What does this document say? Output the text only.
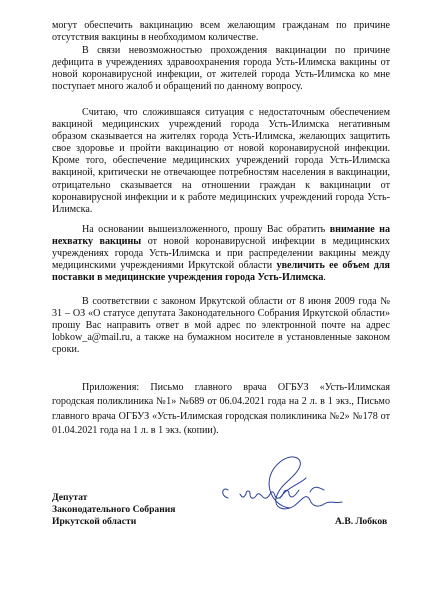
могут обеспечить вакцинацию всем желающим гражданам по причине отсутствия вакцины в необходимом количестве.

В связи невозможностью прохождения вакцинации по причине дефицита в учреждениях здравоохранения города Усть-Илимска вакцины от новой коронавирусной инфекции, от жителей города Усть-Илимска ко мне поступает много жалоб и обращений по данному вопросу.

Считаю, что сложившаяся ситуация с недостаточным обеспечением вакциной медицинских учреждений города Усть-Илимска негативным образом сказывается на жителях города Усть-Илимска, желающих защитить свое здоровье и пройти вакцинацию от новой коронавирусной инфекции. Кроме того, обеспечение медицинских учреждений города Усть-Илимска вакциной, критически не отвечающее потребностям населения в вакцинации, отрицательно сказывается на отношении граждан к вакцинации от коронавирусной инфекции и к работе медицинских учреждений города Усть-Илимска.

На основании вышеизложенного, прошу Вас обратить внимание на нехватку вакцины от новой коронавирусной инфекции в медицинских учреждениях города Усть-Илимска и при распределении вакцины между медицинскими учреждениями Иркутской области увеличить ее объем для поставки в медицинские учреждения города Усть-Илимска.

В соответствии с законом Иркутской области от 8 июня 2009 года № 31 – ОЗ «О статусе депутата Законодательного Собрания Иркутской области» прошу Вас направить ответ в мой адрес по электронной почте на адрес lobkow_a@mail.ru, а также на бумажном носителе в установленные законом сроки.

Приложения: Письмо главного врача ОГБУЗ «Усть-Илимская городская поликлиника №1» №689 от 06.04.2021 года на 2 л. в 1 экз., Письмо главного врача ОГБУЗ «Усть-Илимская городская поликлиника №2» №178 от 01.04.2021 года на 1 л. в 1 экз. (копии).

Депутат
Законодательного Собрания
Иркутской области	А.В. Лобков
